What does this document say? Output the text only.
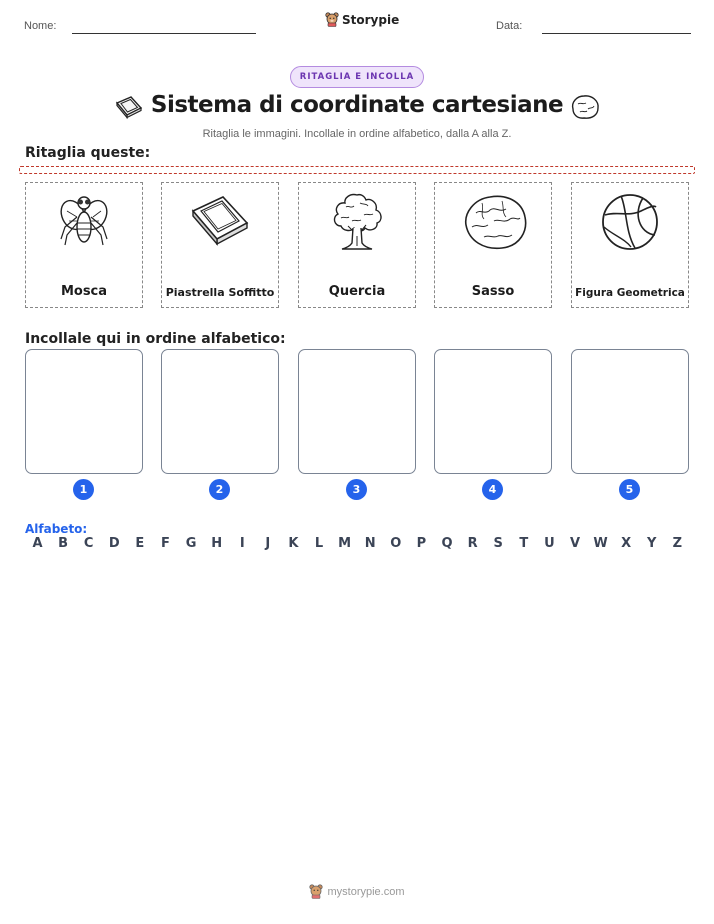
Nome:	Storypie	Data:
RITAGLIA E INCOLLA
Sistema di coordinate cartesiane
Ritaglia le immagini. Incollale in ordine alfabetico, dalla A alla Z.
Ritaglia queste:
Mosca	Piastrella Soffitto	Quercia	Sasso	Figura Geometrica
Incollale qui in ordine alfabetico:
1	2	3	4	5
Alfabeto:
A	B	C	D	E	F	G	H	I	J	K	L	M	N	O	P	Q	R	S	T	U	V	W	X	Y	Z
mystorypie.com
